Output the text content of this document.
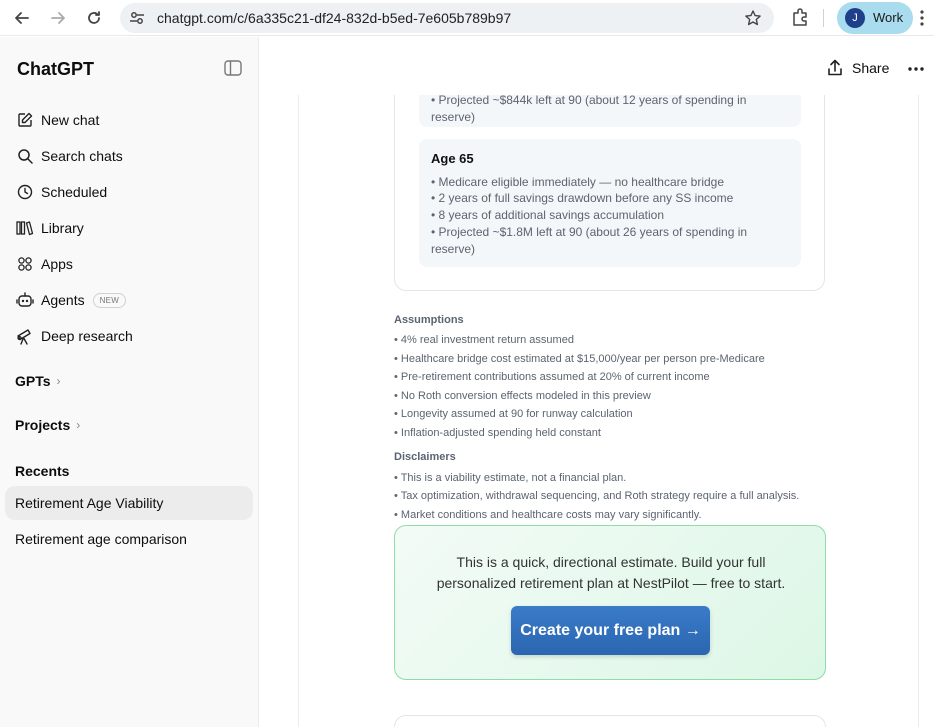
chatgpt.com/c/6a335c21-df24-832d-b5ed-7e605b789b97	J	Work
ChatGPT
New chat
Search chats
Scheduled
Library
Apps
Agents	NEW
Deep research
GPTs ›
Projects ›
Recents
Retirement Age Viability
Retirement age comparison
Share
• Projected ~$844k left at 90 (about 12 years of spending in
reserve)
Age 65
• Medicare eligible immediately — no healthcare bridge
• 2 years of full savings drawdown before any SS income
• 8 years of additional savings accumulation
• Projected ~$1.8M left at 90 (about 26 years of spending in
reserve)
Assumptions
• 4% real investment return assumed
• Healthcare bridge cost estimated at $15,000/year per person pre-Medicare
• Pre-retirement contributions assumed at 20% of current income
• No Roth conversion effects modeled in this preview
• Longevity assumed at 90 for runway calculation
• Inflation-adjusted spending held constant
Disclaimers
• This is a viability estimate, not a financial plan.
• Tax optimization, withdrawal sequencing, and Roth strategy require a full analysis.
• Market conditions and healthcare costs may vary significantly.
This is a quick, directional estimate. Build your full personalized retirement plan at NestPilot — free to start.
Create your free plan →
